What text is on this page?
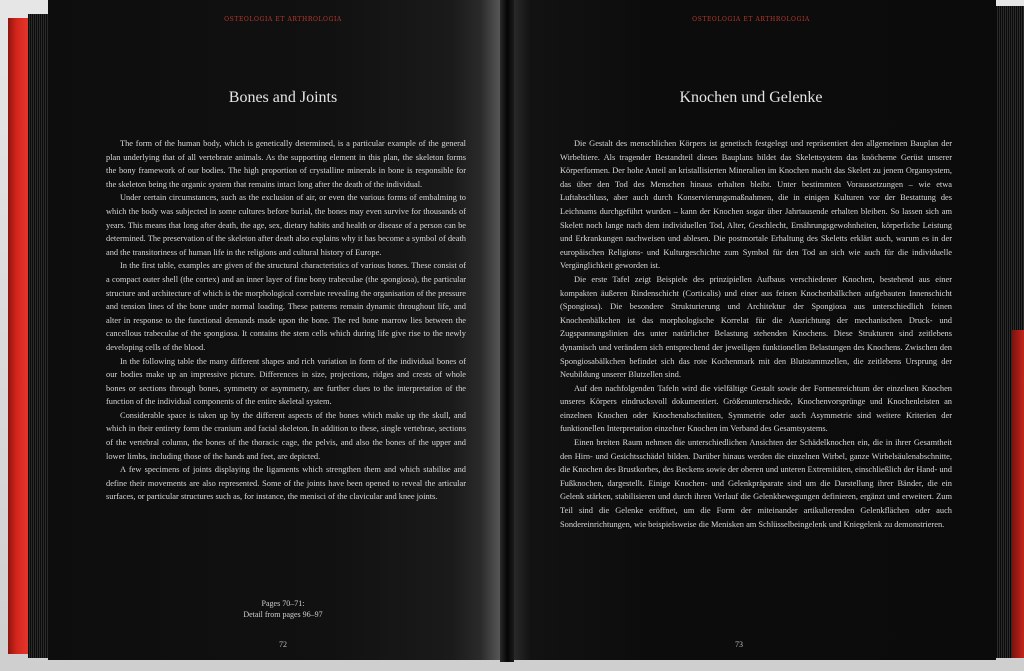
OSTEOLOGIA ET ARTHROLOGIA
Bones and Joints

The form of the human body, which is genetically determined, is a particular example of the general plan underlying that of all vertebrate animals. As the supporting element in this plan, the skeleton forms the bony framework of our bodies. The high proportion of crystalline minerals in bone is responsible for the skeleton being the organic system that remains intact long after the death of the individual.

Under certain circumstances, such as the exclusion of air, or even the various forms of embalming to which the body was subjected in some cultures before burial, the bones may even survive for thousands of years. This means that long after death, the age, sex, dietary habits and health or disease of a person can be determined. The preservation of the skeleton after death also explains why it has become a symbol of death and the transitoriness of human life in the religions and cultural history of Europe.

In the first table, examples are given of the structural characteristics of various bones. These consist of a compact outer shell (the cortex) and an inner layer of fine bony trabeculae (the spongiosa), the particular structure and architecture of which is the morphological correlate revealing the organisation of the pressure and tension lines of the bone under normal loading. These patterns remain dynamic throughout life, and alter in response to the functional demands made upon the bone. The red bone marrow lies between the cancellous trabeculae of the spongiosa. It contains the stem cells which during life give rise to the newly developing cells of the blood.

In the following table the many different shapes and rich variation in form of the individual bones of our bodies make up an impressive picture. Differences in size, projections, ridges and crests of whole bones or sections through bones, symmetry or asymmetry, are further clues to the interpretation of the function of the individual components of the entire skeletal system.

Considerable space is taken up by the different aspects of the bones which make up the skull, and which in their entirety form the cranium and facial skeleton. In addition to these, single vertebrae, sections of the vertebral column, the bones of the thoracic cage, the pelvis, and also the bones of the upper and lower limbs, including those of the hands and feet, are depicted.

A few specimens of joints displaying the ligaments which strengthen them and which stabilise and define their movements are also represented. Some of the joints have been opened to reveal the articular surfaces, or particular structures such as, for instance, the menisci of the clavicular and knee joints.

Pages 70–71:
Detail from pages 96–97
72
OSTEOLOGIA ET ARTHROLOGIA
Knochen und Gelenke

Die Gestalt des menschlichen Körpers ist genetisch festgelegt und repräsentiert den allgemeinen Bauplan der Wirbeltiere. Als tragender Bestandteil dieses Bauplans bildet das Skelettsystem das knöcherne Gerüst unserer Körperformen. Der hohe Anteil an kristallisierten Mineralien im Knochen macht das Skelett zu jenem Organsystem, das über den Tod des Menschen hinaus erhalten bleibt. Unter bestimmten Voraussetzungen – wie etwa Luftabschluss, aber auch durch Konservierungsmaßnahmen, die in einigen Kulturen vor der Bestattung des Leichnams durchgeführt wurden – kann der Knochen sogar über Jahrtausende erhalten bleiben. So lassen sich am Skelett noch lange nach dem individuellen Tod, Alter, Geschlecht, Ernährungsgewohnheiten, körperliche Leistung und Erkrankungen nachweisen und ablesen. Die postmortale Erhaltung des Skeletts erklärt auch, warum es in der europäischen Religions- und Kulturgeschichte zum Symbol für den Tod an sich wie auch für die individuelle Vergänglichkeit geworden ist.

Die erste Tafel zeigt Beispiele des prinzipiellen Aufbaus verschiedener Knochen, bestehend aus einer kompakten äußeren Rindenschicht (Corticalis) und einer aus feinen Knochenbälkchen aufgebauten Innenschicht (Spongiosa). Die besondere Strukturierung und Architektur der Spongiosa aus unterschiedlich feinen Knochenbälkchen ist das morphologische Korrelat für die Ausrichtung der mechanischen Druck- und Zugspannungslinien des unter natürlicher Belastung stehenden Knochens. Diese Strukturen sind zeitlebens dynamisch und verändern sich entsprechend der jeweiligen funktionellen Belastungen des Knochens. Zwischen den Spongiosabälkchen befindet sich das rote Kochenmark mit den Blutstammzellen, die zeitlebens Ursprung der Neubildung unserer Blutzellen sind.

Auf den nachfolgenden Tafeln wird die vielfältige Gestalt sowie der Formenreichtum der einzelnen Knochen unseres Körpers eindrucksvoll dokumentiert. Größenunterschiede, Knochenvorsprünge und Knochenleisten an einzelnen Knochen oder Knochenabschnitten, Symmetrie oder auch Asymmetrie sind weitere Kriterien der funktionellen Interpretation einzelner Knochen im Verband des Gesamtsystems.

Einen breiten Raum nehmen die unterschiedlichen Ansichten der Schädelknochen ein, die in ihrer Gesamtheit den Hirn- und Gesichtsschädel bilden. Darüber hinaus werden die einzelnen Wirbel, ganze Wirbelsäulenabschnitte, die Knochen des Brustkorbes, des Beckens sowie der oberen und unteren Extremitäten, einschließlich der Hand- und Fußknochen, dargestellt. Einige Knochen- und Gelenkpräparate sind um die Darstellung ihrer Bänder, die ein Gelenk stärken, stabilisieren und durch ihren Verlauf die Gelenkbewegungen definieren, ergänzt und erweitert. Zum Teil sind die Gelenke eröffnet, um die Form der miteinander artikulierenden Gelenkflächen oder auch Sondereinrichtungen, wie beispielsweise die Menisken am Schlüsselbeingelenk und Kniegelenk zu demonstrieren.

73
